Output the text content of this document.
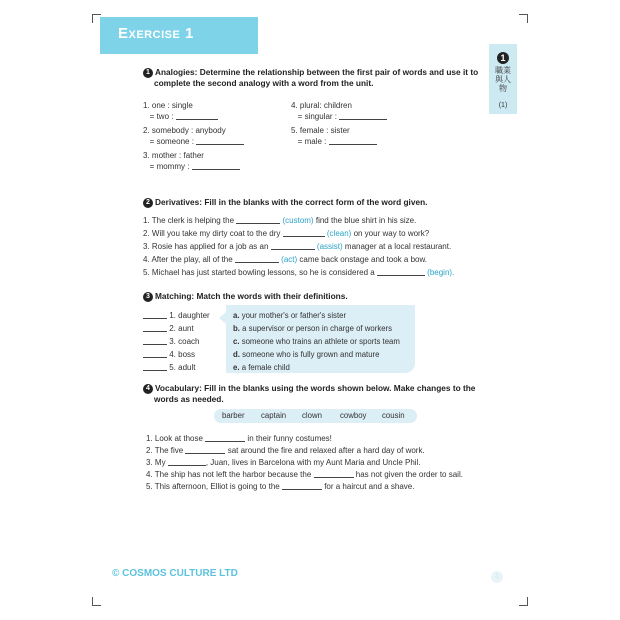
Exercise 1
1
職業與人物
(1)
1 Analogies: Determine the relationship between the first pair of words and use it to
complete the second analogy with a word from the unit.
1. one : single
= two :
2. somebody : anybody
= someone :
3. mother : father
= mommy :
4. plural: children
= singular :
5. female : sister
= male :
2 Derivatives: Fill in the blanks with the correct form of the word given.
1. The clerk is helping the	(custom) find the blue shirt in his size.
2. Will you take my dirty coat to the dry	(clean) on your way to work?
3. Rosie has applied for a job as an	(assist) manager at a local restaurant.
4. After the play, all of the	(act) came back onstage and took a bow.
5. Michael has just started bowling lessons, so he is considered a	(begin).
3 Matching: Match the words with their definitions.
1. daughter
2. aunt
3. coach
4. boss
5. adult
a. your mother's or father's sister
b. a supervisor or person in charge of workers
c. someone who trains an athlete or sports team
d. someone who is fully grown and mature
e. a female child
4 Vocabulary: Fill in the blanks using the words shown below. Make changes to the
words as needed.
barber captain clown cowboy cousin
1. Look at those	in their funny costumes!
2. The five	sat around the fire and relaxed after a hard day of work.
3. My	, Juan, lives in Barcelona with my Aunt Maria and Uncle Phil.
4. The ship has not left the harbor because the	has not given the order to sail.
5. This afternoon, Elliot is going to the	for a haircut and a shave.
© COSMOS CULTURE LTD	3
